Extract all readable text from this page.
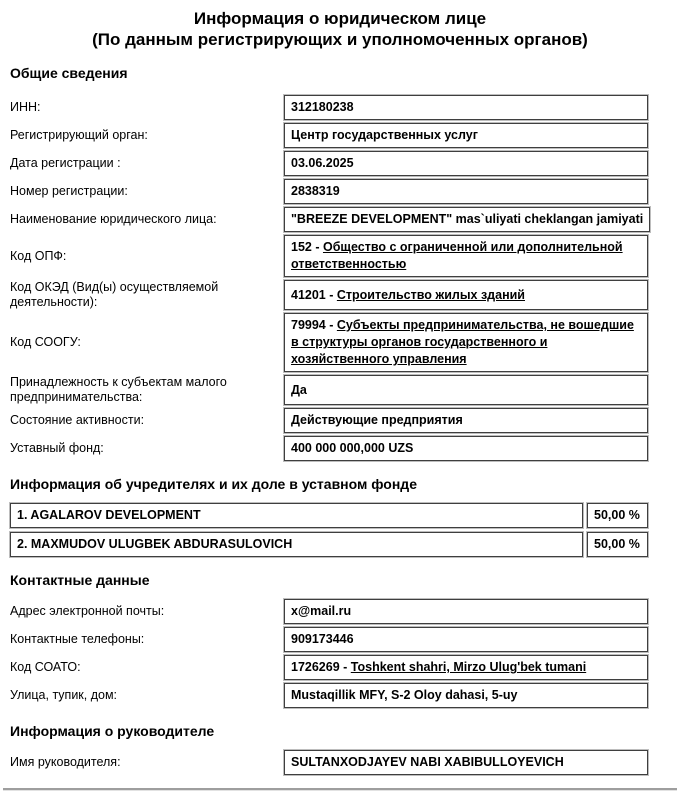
Информация о юридическом лице
(По данным регистрирующих и уполномоченных органов)
Общие сведения
ИНН:	312180238
Регистрирующий орган:	Центр государственных услуг
Дата регистрации :	03.06.2025
Номер регистрации:	2838319
Наименование юридического лица:	"BREEZE DEVELOPMENT" mas`uliyati cheklangan jamiyati
Код ОПФ:
152 - Общество с ограниченной или дополнительной ответственностью
Код ОКЭД (Вид(ы) осуществляемой деятельности):
41201 - Строительство жилых зданий
Код СООГУ:
79994 - Субъекты предпринимательства, не вошедшие в структуры органов государственного и хозяйственного управления
Принадлежность к субъектам малого предпринимательства:
Да
Состояние активности:	Действующие предприятия
Уставный фонд:	400 000 000,000 UZS
Информация об учредителях и их доле в уставном фонде
1. AGALAROV DEVELOPMENT	50,00 %
2. MAXMUDOV ULUGBEK ABDURASULOVICH	50,00 %
Контактные данные
Адрес электронной почты:	x@mail.ru
Контактные телефоны:	909173446
Код СОАТО:	1726269 - Toshkent shahri, Mirzo Ulug'bek tumani
Улица, тупик, дом:	Mustaqillik MFY, S-2 Oloy dahasi, 5-uy
Информация о руководителе
Имя руководителя:	SULTANXODJAYEV NABI XABIBULLOYEVICH
